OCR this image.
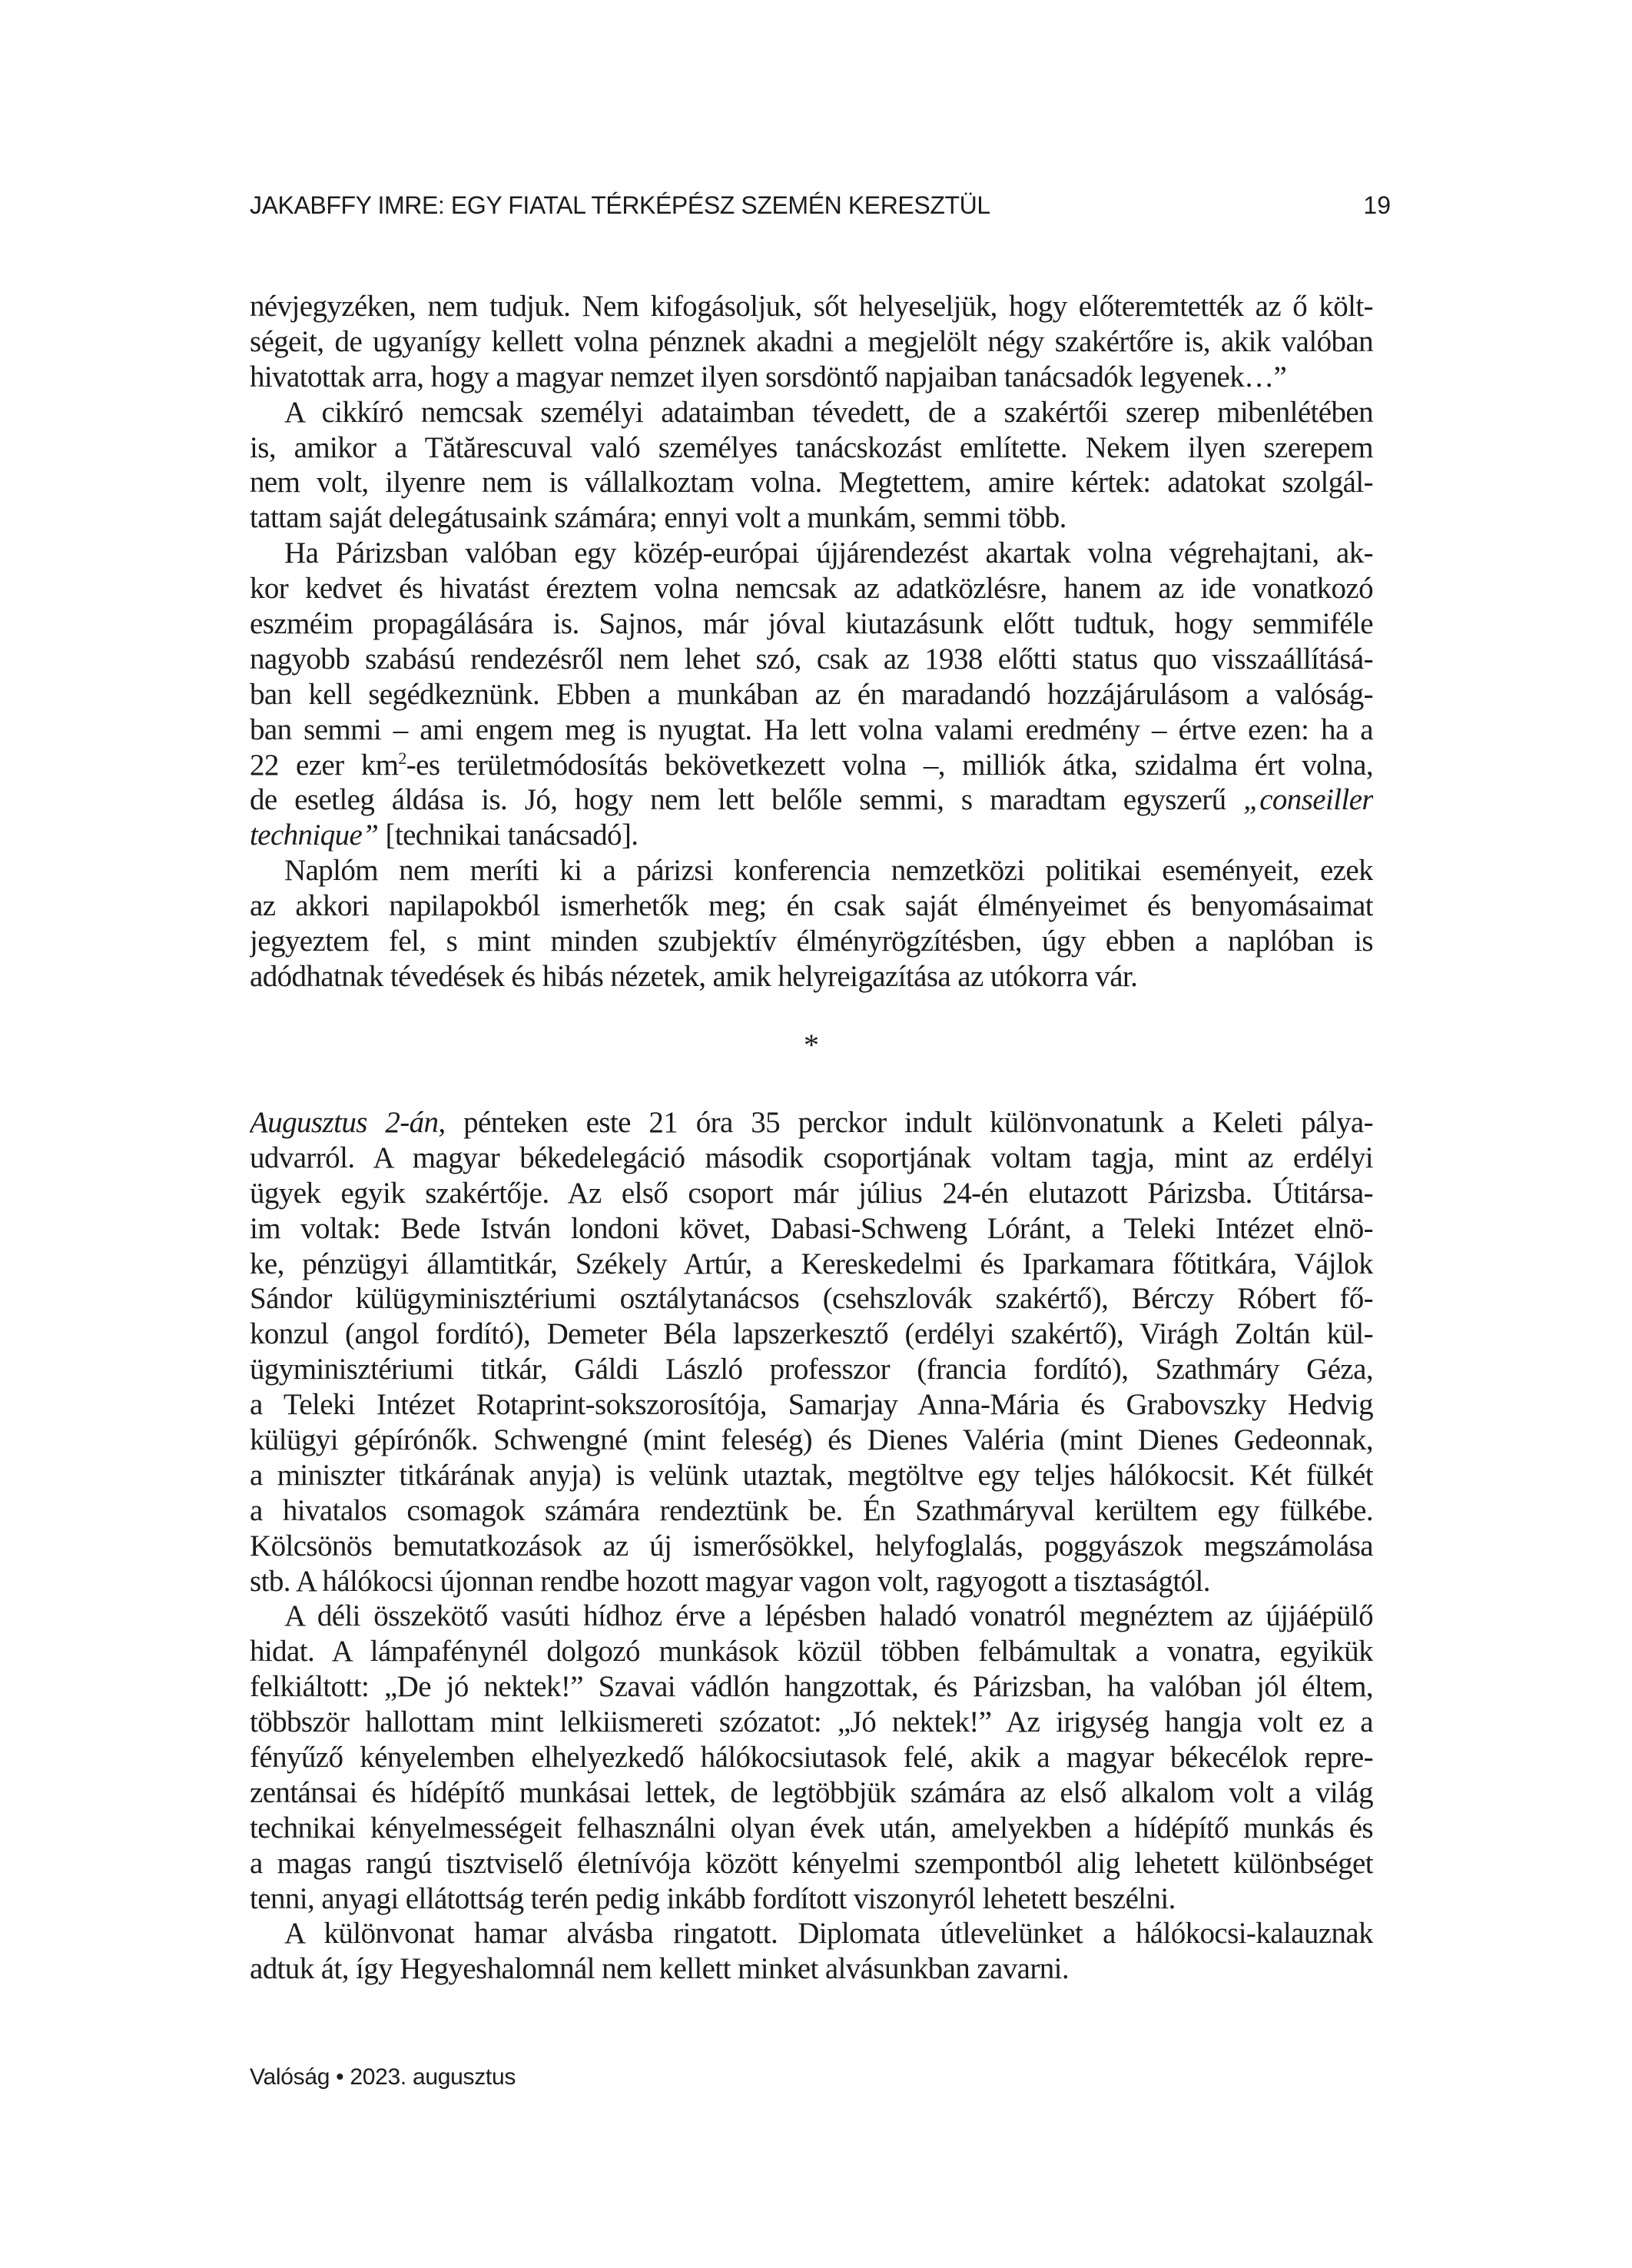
JAKABFFY IMRE: EGY FIATAL TÉRKÉPÉSZ SZEMÉN KERESZTÜL	19
névjegyzéken, nem tudjuk. Nem kifogásoljuk, sőt helyeseljük, hogy előteremtették az ő költ-
ségeit, de ugyanígy kellett volna pénznek akadni a megjelölt négy szakértőre is, akik valóban
hivatottak arra, hogy a magyar nemzet ilyen sorsdöntő napjaiban tanácsadók legyenek…”
A cikkíró nemcsak személyi adataimban tévedett, de a szakértői szerep mibenlétében
is, amikor a Tătărescuval való személyes tanácskozást említette. Nekem ilyen szerepem
nem volt, ilyenre nem is vállalkoztam volna. Megtettem, amire kértek: adatokat szolgál-
tattam saját delegátusaink számára; ennyi volt a munkám, semmi több.
Ha Párizsban valóban egy közép-európai újjárendezést akartak volna végrehajtani, ak-
kor kedvet és hivatást éreztem volna nemcsak az adatközlésre, hanem az ide vonatkozó
eszméim propagálására is. Sajnos, már jóval kiutazásunk előtt tudtuk, hogy semmiféle
nagyobb szabású rendezésről nem lehet szó, csak az 1938 előtti status quo visszaállításá-
ban kell segédkeznünk. Ebben a munkában az én maradandó hozzájárulásom a valóság-
ban semmi – ami engem meg is nyugtat. Ha lett volna valami eredmény – értve ezen: ha a
22 ezer $km^2-es$ területmódosítás bekövetkezett volna –, milliók átka, szidalma ért volna,
de esetleg áldása is. Jó, hogy nem lett belőle semmi, s maradtam egyszerű „conseiller
technique” [technikai tanácsadó].
Naplóm nem meríti ki a párizsi konferencia nemzetközi politikai eseményeit, ezek
az akkori napilapokból ismerhetők meg; én csak saját élményeimet és benyomásaimat
jegyeztem fel, s mint minden szubjektív élményrögzítésben, úgy ebben a naplóban is
adódhatnak tévedések és hibás nézetek, amik helyreigazítása az utókorra vár.
*
Augusztus 2-án, pénteken este 21 óra 35 perckor indult különvonatunk a Keleti pálya-
udvarról. A magyar békedelegáció második csoportjának voltam tagja, mint az erdélyi
ügyek egyik szakértője. Az első csoport már július 24-én elutazott Párizsba. Útitársa-
im voltak: Bede István londoni követ, Dabasi-Schweng Lóránt, a Teleki Intézet elnö-
ke, pénzügyi államtitkár, Székely Artúr, a Kereskedelmi és Iparkamara főtitkára, Vájlok
Sándor külügyminisztériumi osztálytanácsos (csehszlovák szakértő), Bérczy Róbert fő-
konzul (angol fordító), Demeter Béla lapszerkesztő (erdélyi szakértő), Virágh Zoltán kül-
ügyminisztériumi titkár, Gáldi László professzor (francia fordító), Szathmáry Géza,
a Teleki Intézet Rotaprint-sokszorosítója, Samarjay Anna-Mária és Grabovszky Hedvig
külügyi gépírónők. Schwengné (mint feleség) és Dienes Valéria (mint Dienes Gedeonnak,
a miniszter titkárának anyja) is velünk utaztak, megtöltve egy teljes hálókocsit. Két fülkét
a hivatalos csomagok számára rendeztünk be. Én Szathmáryval kerültem egy fülkébe.
Kölcsönös bemutatkozások az új ismerősökkel, helyfoglalás, poggyászok megszámolása
stb. A hálókocsi újonnan rendbe hozott magyar vagon volt, ragyogott a tisztaságtól.
A déli összekötő vasúti hídhoz érve a lépésben haladó vonatról megnéztem az újjáépülő
hidat. A lámpafénynél dolgozó munkások közül többen felbámultak a vonatra, egyikük
felkiáltott: „De jó nektek!” Szavai vádlón hangzottak, és Párizsban, ha valóban jól éltem,
többször hallottam mint lelkiismereti szózatot: „Jó nektek!” Az irigység hangja volt ez a
fényűző kényelemben elhelyezkedő hálókocsiutasok felé, akik a magyar békecélok repre-
zentánsai és hídépítő munkásai lettek, de legtöbbjük számára az első alkalom volt a világ
technikai kényelmességeit felhasználni olyan évek után, amelyekben a hídépítő munkás és
a magas rangú tisztviselő életnívója között kényelmi szempontból alig lehetett különbséget
tenni, anyagi ellátottság terén pedig inkább fordított viszonyról lehetett beszélni.
A különvonat hamar alvásba ringatott. Diplomata útlevelünket a hálókocsi-kalauznak
adtuk át, így Hegyeshalomnál nem kellett minket alvásunkban zavarni.
Valóság • 2023. augusztus
